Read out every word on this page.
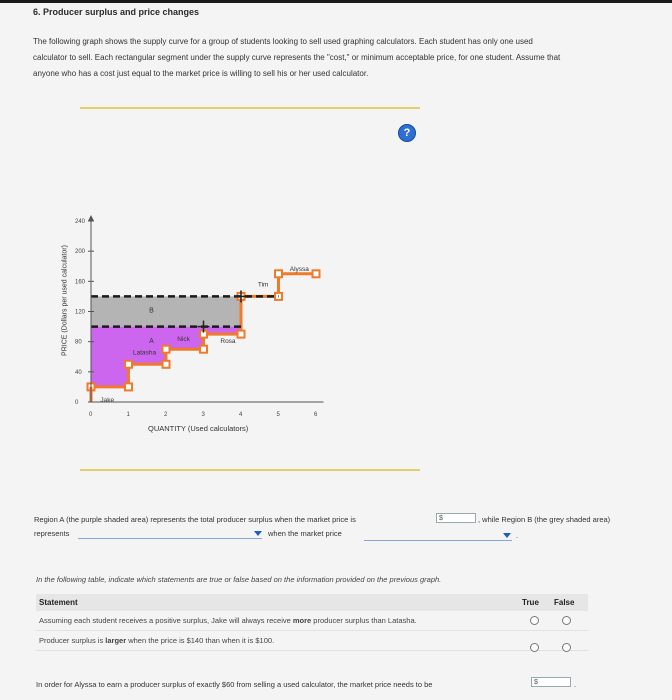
6. Producer surplus and price changes
The following graph shows the supply curve for a group of students looking to sell used graphing calculators. Each student has only one used
calculator to sell. Each rectangular segment under the supply curve represents the "cost," or minimum acceptable price, for one student. Assume that
anyone who has a cost just equal to the market price is willing to sell his or her used calculator.
?
240
200
160
120
80
40
0
0	1	2	3	4	5	6
A
B
Jake
Latasha
Nick	Rosa
Tim
Alyssa
PRICE (Dollars per used calculator)
QUANTITY (Used calculators)
Region A (the purple shaded area) represents the total producer surplus when the market price is	$	, while Region B (the grey shaded area)
represents	when the market price	.
In the following table, indicate which statements are true or false based on the information provided on the previous graph.
Statement	True False
Assuming each student receives a positive surplus, Jake will always receive more producer surplus than Latasha.
Producer surplus is larger when the price is $140 than when it is $100.
In order for Alyssa to earn a producer surplus of exactly $60 from selling a used calculator, the market price needs to be	$	.
